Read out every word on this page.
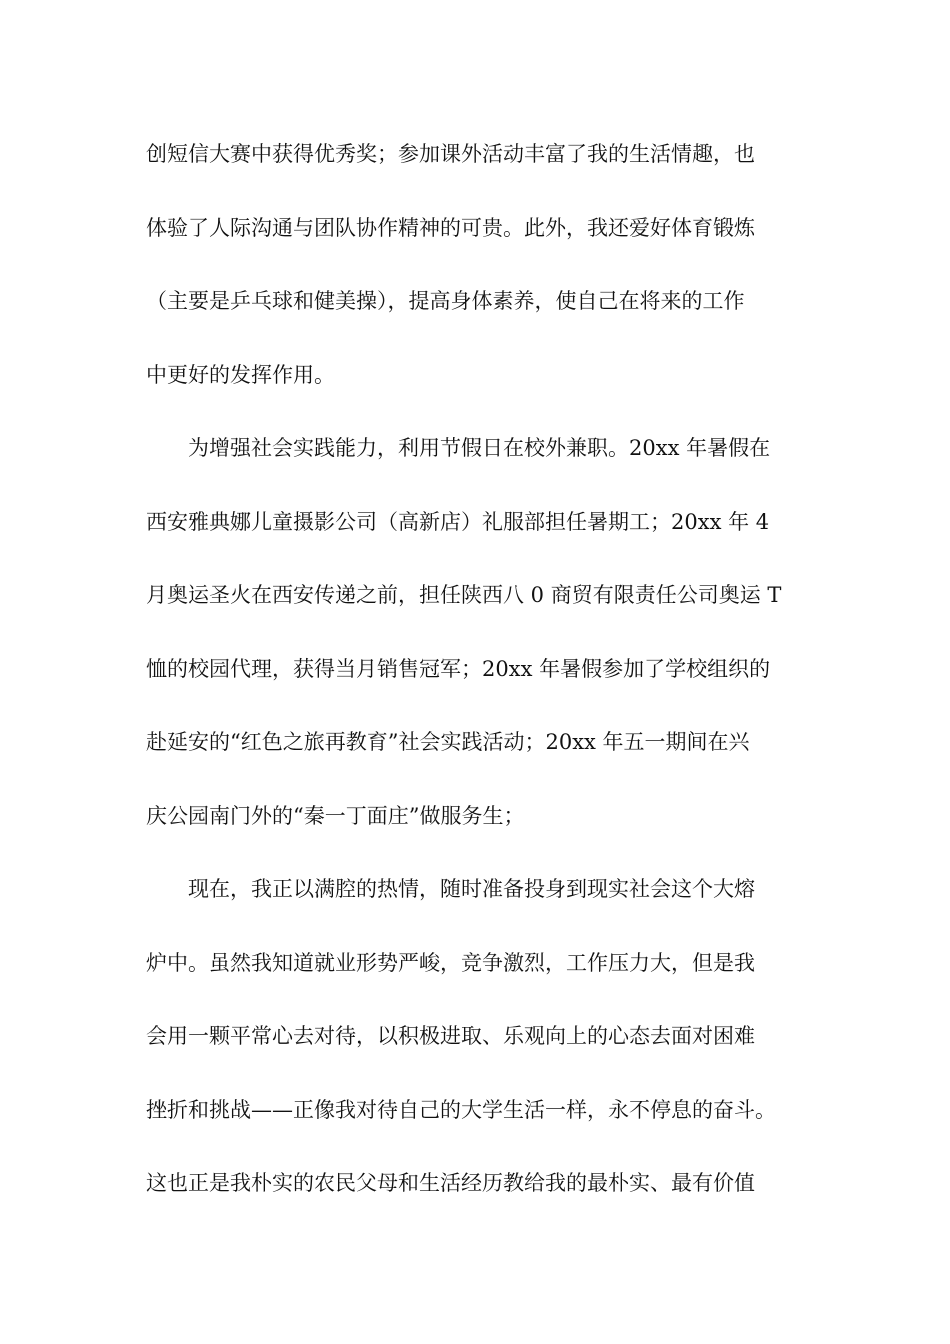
创短信大赛中获得优秀奖；参加课外活动丰富了我的生活情趣，也
体验了人际沟通与团队协作精神的可贵。此外，我还爱好体育锻炼
（主要是乒乓球和健美操），提高身体素养，使自己在将来的工作
中更好的发挥作用。
　　为增强社会实践能力，利用节假日在校外兼职。20xx 年暑假在
西安雅典娜儿童摄影公司（高新店）礼服部担任暑期工；20xx 年 4
月奥运圣火在西安传递之前，担任陕西八 0 商贸有限责任公司奥运 T
恤的校园代理，获得当月销售冠军；20xx 年暑假参加了学校组织的
赴延安的“红色之旅再教育”社会实践活动；20xx 年五一期间在兴
庆公园南门外的“秦一丁面庄”做服务生；
　　现在，我正以满腔的热情，随时准备投身到现实社会这个大熔
炉中。虽然我知道就业形势严峻，竞争激烈，工作压力大，但是我
会用一颗平常心去对待，以积极进取、乐观向上的心态去面对困难
挫折和挑战——正像我对待自己的大学生活一样，永不停息的奋斗。
这也正是我朴实的农民父母和生活经历教给我的最朴实、最有价值
